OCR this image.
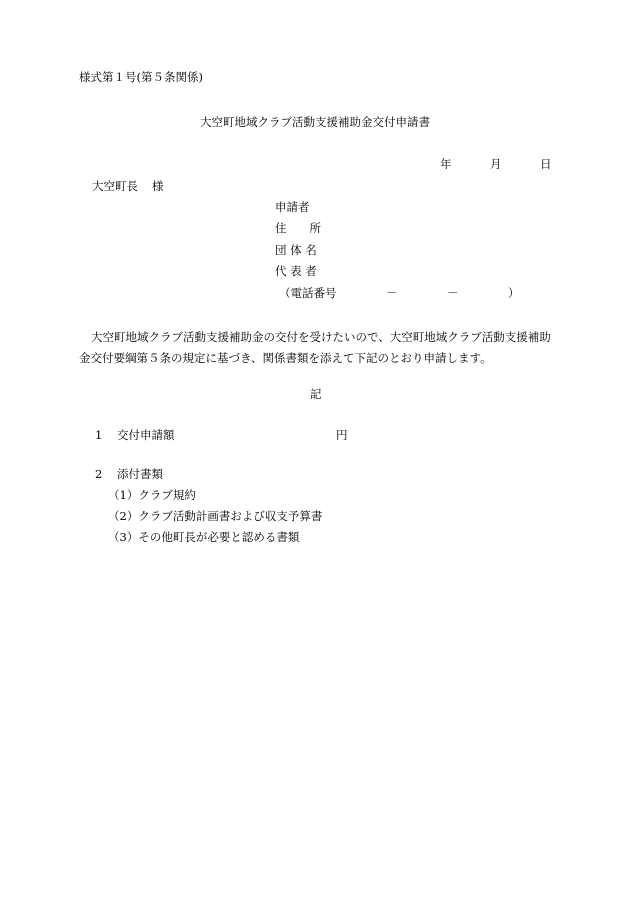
様式第１号(第５条関係)
大空町地域クラブ活動支援補助金交付申請書
年	月	日
大空町長 様
申請者
住　　所
団 体 名
代 表 者
（電話番号	－	－	）
大空町地域クラブ活動支援補助金の交付を受けたいので、大空町地域クラブ活動支援補助金交付要綱第５条の規定に基づき、関係書類を添えて下記のとおり申請します。
記
1 交付申請額	円
2 添付書類
（1）クラブ規約
（2）クラブ活動計画書および収支予算書
（3）その他町長が必要と認める書類
